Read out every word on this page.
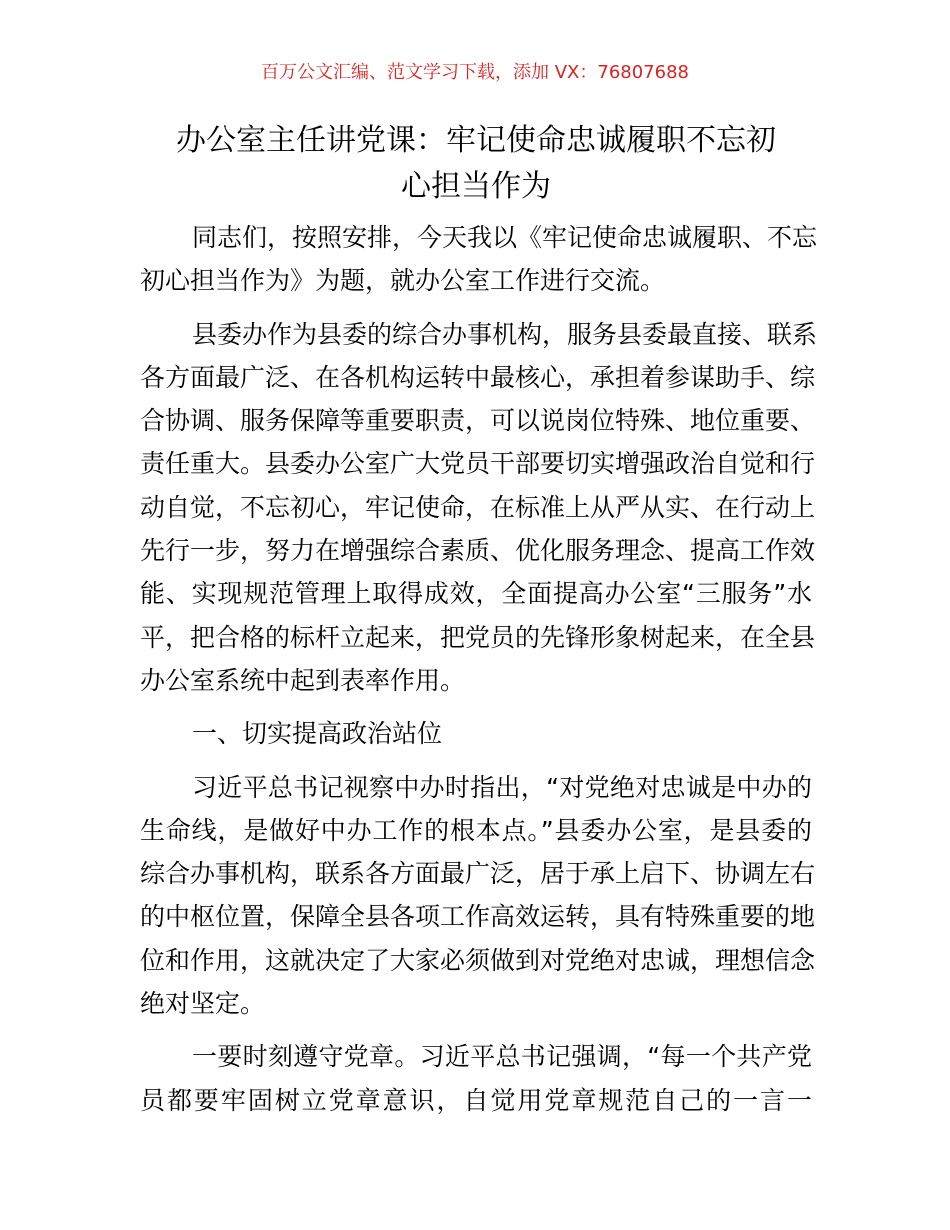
百万公文汇编、范文学习下载，添加 VX：76807688
办公室主任讲党课：牢记使命忠诚履职不忘初
心担当作为
同志们，按照安排，今天我以《牢记使命忠诚履职、不忘
初心担当作为》为题，就办公室工作进行交流。
县委办作为县委的综合办事机构，服务县委最直接、联系
各方面最广泛、在各机构运转中最核心，承担着参谋助手、综
合协调、服务保障等重要职责，可以说岗位特殊、地位重要、
责任重大。县委办公室广大党员干部要切实增强政治自觉和行
动自觉，不忘初心，牢记使命，在标准上从严从实、在行动上
先行一步，努力在增强综合素质、优化服务理念、提高工作效
能、实现规范管理上取得成效，全面提高办公室“三服务”水
平，把合格的标杆立起来，把党员的先锋形象树起来，在全县
办公室系统中起到表率作用。
一、切实提高政治站位
习近平总书记视察中办时指出，“对党绝对忠诚是中办的
生命线，是做好中办工作的根本点。”县委办公室，是县委的
综合办事机构，联系各方面最广泛，居于承上启下、协调左右
的中枢位置，保障全县各项工作高效运转，具有特殊重要的地
位和作用，这就决定了大家必须做到对党绝对忠诚，理想信念
绝对坚定。
一要时刻遵守党章。习近平总书记强调，“每一个共产党
员都要牢固树立党章意识，自觉用党章规范自己的一言一
